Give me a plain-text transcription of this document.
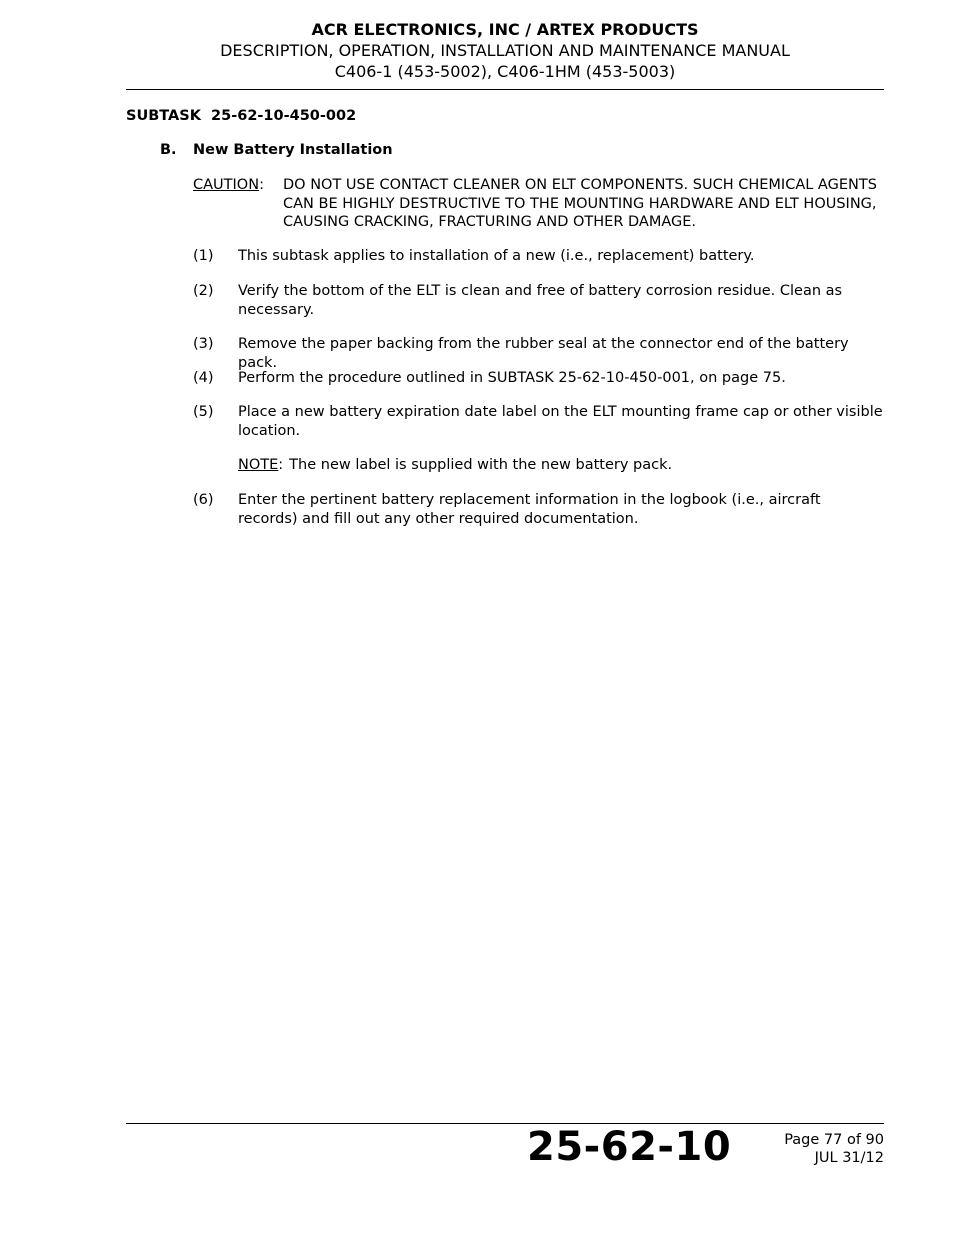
ACR ELECTRONICS, INC / ARTEX PRODUCTS
DESCRIPTION, OPERATION, INSTALLATION AND MAINTENANCE MANUAL
C406-1 (453-5002), C406-1HM (453-5003)
SUBTASK  25-62-10-450-002
B. New Battery Installation
CAUTION: DO NOT USE CONTACT CLEANER ON ELT COMPONENTS. SUCH CHEMICAL AGENTS CAN BE HIGHLY DESTRUCTIVE TO THE MOUNTING HARDWARE AND ELT HOUSING, CAUSING CRACKING, FRACTURING AND OTHER DAMAGE.
(1) This subtask applies to installation of a new (i.e., replacement) battery.
(2) Verify the bottom of the ELT is clean and free of battery corrosion residue. Clean as necessary.
(3) Remove the paper backing from the rubber seal at the connector end of the battery pack.
(4) Perform the procedure outlined in SUBTASK 25-62-10-450-001, on page 75.
(5) Place a new battery expiration date label on the ELT mounting frame cap or other visible location.
NOTE: The new label is supplied with the new battery pack.
(6) Enter the pertinent battery replacement information in the logbook (i.e., aircraft records) and fill out any other required documentation.
25-62-10	Page 77 of 90
JUL 31/12
